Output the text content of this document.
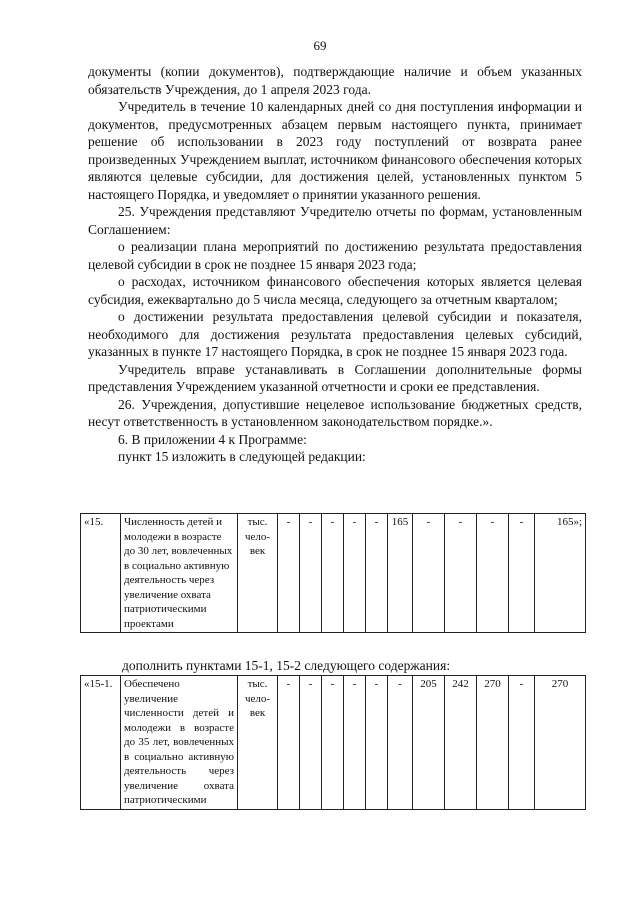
69

документы (копии документов), подтверждающие наличие и объем указанных обязательств Учреждения, до 1 апреля 2023 года.

Учредитель в течение 10 календарных дней со дня поступления информации и документов, предусмотренных абзацем первым настоящего пункта, принимает решение об использовании в 2023 году поступлений от возврата ранее произведенных Учреждением выплат, источником финансового обеспечения которых являются целевые субсидии, для достижения целей, установленных пунктом 5 настоящего Порядка, и уведомляет о принятии указанного решения.

25. Учреждения представляют Учредителю отчеты по формам, установленным Соглашением:

о реализации плана мероприятий по достижению результата предоставления целевой субсидии в срок не позднее 15 января 2023 года;

о расходах, источником финансового обеспечения которых является целевая субсидия, ежеквартально до 5 числа месяца, следующего за отчетным кварталом;

о достижении результата предоставления целевой субсидии и показателя, необходимого для достижения результата предоставления целевых субсидий, указанных в пункте 17 настоящего Порядка, в срок не позднее 15 января 2023 года.

Учредитель вправе устанавливать в Соглашении дополнительные формы представления Учреждением указанной отчетности и сроки ее представления.

26. Учреждения, допустившие нецелевое использование бюджетных средств, несут ответственность в установленном законодательством порядке.».

6. В приложении 4 к Программе:

пункт 15 изложить в следующей редакции:

«15.	Численность детей и молодежи в возрасте до 30 лет, вовлеченных в социально активную деятельность через увеличение охвата патриотическими проектами	тыс. чело-век	-	-	-	-	-	165	-	-	-	-	165»;
дополнить пунктами 15-1, 15-2 следующего содержания:
«15-1.	Обеспечено увеличение численности детей и молодежи в возрасте до 35 лет, вовлеченных в социально активную деятельность через увеличение охвата патриотическими	тыс. чело-век	-	-	-	-	-	-	205	242	270	-	270
